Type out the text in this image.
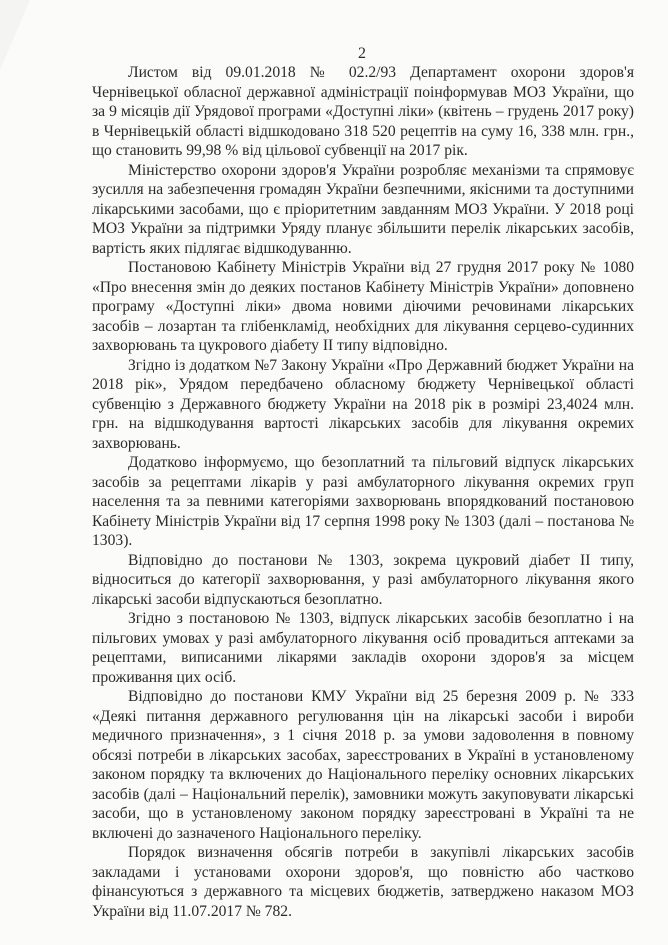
2

Листом від 09.01.2018 № 02.2/93 Департамент охорони здоров'я Чернівецької обласної державної адміністрації поінформував МОЗ України, що за 9 місяців дії Урядової програми «Доступні ліки» (квітень – грудень 2017 року) в Чернівецькій області відшкодовано 318 520 рецептів на суму 16, 338 млн. грн., що становить 99,98 % від цільової субвенції на 2017 рік.

Міністерство охорони здоров'я України розробляє механізми та спрямовує зусилля на забезпечення громадян України безпечними, якісними та доступними лікарськими засобами, що є пріоритетним завданням МОЗ України. У 2018 році МОЗ України за підтримки Уряду планує збільшити перелік лікарських засобів, вартість яких підлягає відшкодуванню.

Постановою Кабінету Міністрів України від 27 грудня 2017 року № 1080 «Про внесення змін до деяких постанов Кабінету Міністрів України» доповнено програму «Доступні ліки» двома новими діючими речовинами лікарських засобів – лозартан та глібенкламід, необхідних для лікування серцево-судинних захворювань та цукрового діабету ІІ типу відповідно.

Згідно із додатком №7 Закону України «Про Державний бюджет України на 2018 рік», Урядом передбачено обласному бюджету Чернівецької області субвенцію з Державного бюджету України на 2018 рік в розмірі 23,4024 млн. грн. на відшкодування вартості лікарських засобів для лікування окремих захворювань.

Додатково інформуємо, що безоплатний та пільговий відпуск лікарських засобів за рецептами лікарів у разі амбулаторного лікування окремих груп населення та за певними категоріями захворювань впорядкований постановою Кабінету Міністрів України від 17 серпня 1998 року № 1303 (далі – постанова № 1303).

Відповідно до постанови № 1303, зокрема цукровий діабет ІІ типу, відноситься до категорії захворювання, у разі амбулаторного лікування якого лікарські засоби відпускаються безоплатно.

Згідно з постановою № 1303, відпуск лікарських засобів безоплатно і на пільгових умовах у разі амбулаторного лікування осіб провадиться аптеками за рецептами, виписаними лікарями закладів охорони здоров'я за місцем проживання цих осіб.

Відповідно до постанови КМУ України від 25 березня 2009 р. № 333 «Деякі питання державного регулювання цін на лікарські засоби і вироби медичного призначення», з 1 січня 2018 р. за умови задоволення в повному обсязі потреби в лікарських засобах, зареєстрованих в Україні в установленому законом порядку та включених до Національного переліку основних лікарських засобів (далі – Національний перелік), замовники можуть закуповувати лікарські засоби, що в установленому законом порядку зареєстровані в Україні та не включені до зазначеного Національного переліку.

Порядок визначення обсягів потреби в закупівлі лікарських засобів закладами і установами охорони здоров'я, що повністю або частково фінансуються з державного та місцевих бюджетів, затверджено наказом МОЗ України від 11.07.2017 № 782.
